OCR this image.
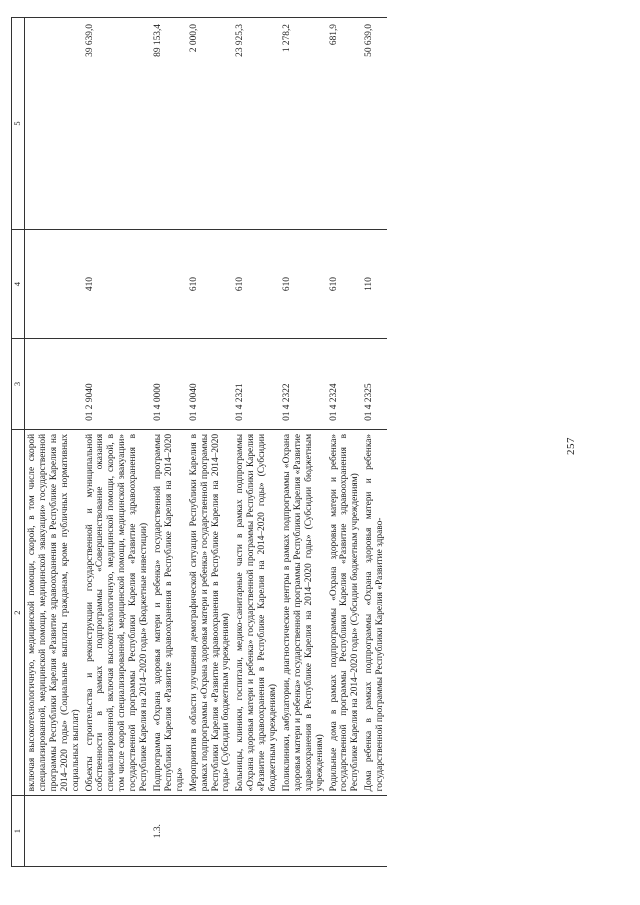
257
1	2	3	4	5
	включая высокотехнологичную, медицинской помощи, скорой, в том числе скорой специализированной, медицинской помощи, медицинской эвакуации» государственной программы Республики Карелия «Развитие здравоохранения в Республике Карелия на 2014–2020 годы» (Социальные выплаты гражданам, кроме публичных нормативных социальных выплат)			
	Объекты строительства и реконструкции государственной и муниципальной собственности в рамках подпрограммы «Совершенствование оказания специализированной, включая высокотехнологичную, медицинской помощи, скорой, в том числе скорой специализированной, медицинской помощи, медицинской эвакуации» государственной программы Республики Карелия «Развитие здравоохранения в Республике Карелия на 2014–2020 годы» (Бюджетные инвестиции)	01 2 9040	410	39 639,0
1.3.	Подпрограмма «Охрана здоровья матери и ребенка» государственной программы Республики Карелия «Развитие здравоохранения в Республике Карелия на 2014–2020 годы»	01 4 0000		89 153,4
	Мероприятия в области улучшения демографической ситуации Республики Карелия в рамках подпрограммы «Охрана здоровья матери и ребенка» государственной программы Республики Карелия «Развитие здравоохранения в Республике Карелия на 2014–2020 годы» (Субсидии бюджетным учреждениям)	01 4 0040	610	2 000,0
	Больницы, клиники, госпитали, медико-санитарные части в рамках подпрограммы «Охрана здоровья матери и ребенка» государственной программы Республики Карелия «Развитие здравоохранения в Республике Карелия на 2014–2020 годы» (Субсидии бюджетным учреждениям)	01 4 2321	610	23 925,3
	Поликлиники, амбулатории, диагностические центры в рамках подпрограммы «Охрана здоровья матери и ребенка» государственной программы Республики Карелия «Развитие здравоохранения в Республике Карелия на 2014–2020 годы» (Субсидии бюджетным учреждениям)	01 4 2322	610	1 278,2
	Родильные дома в рамках подпрограммы «Охрана здоровья матери и ребенка» государственной программы Республики Карелия «Развитие здравоохранения в Республике Карелия на 2014–2020 годы» (Субсидии бюджетным учреждениям)	01 4 2324	610	681,9
	Дома ребенка в рамках подпрограммы «Охрана здоровья матери и ребенка» государственной программы Республики Карелия «Развитие здраво-	01 4 2325	110	50 639,0
